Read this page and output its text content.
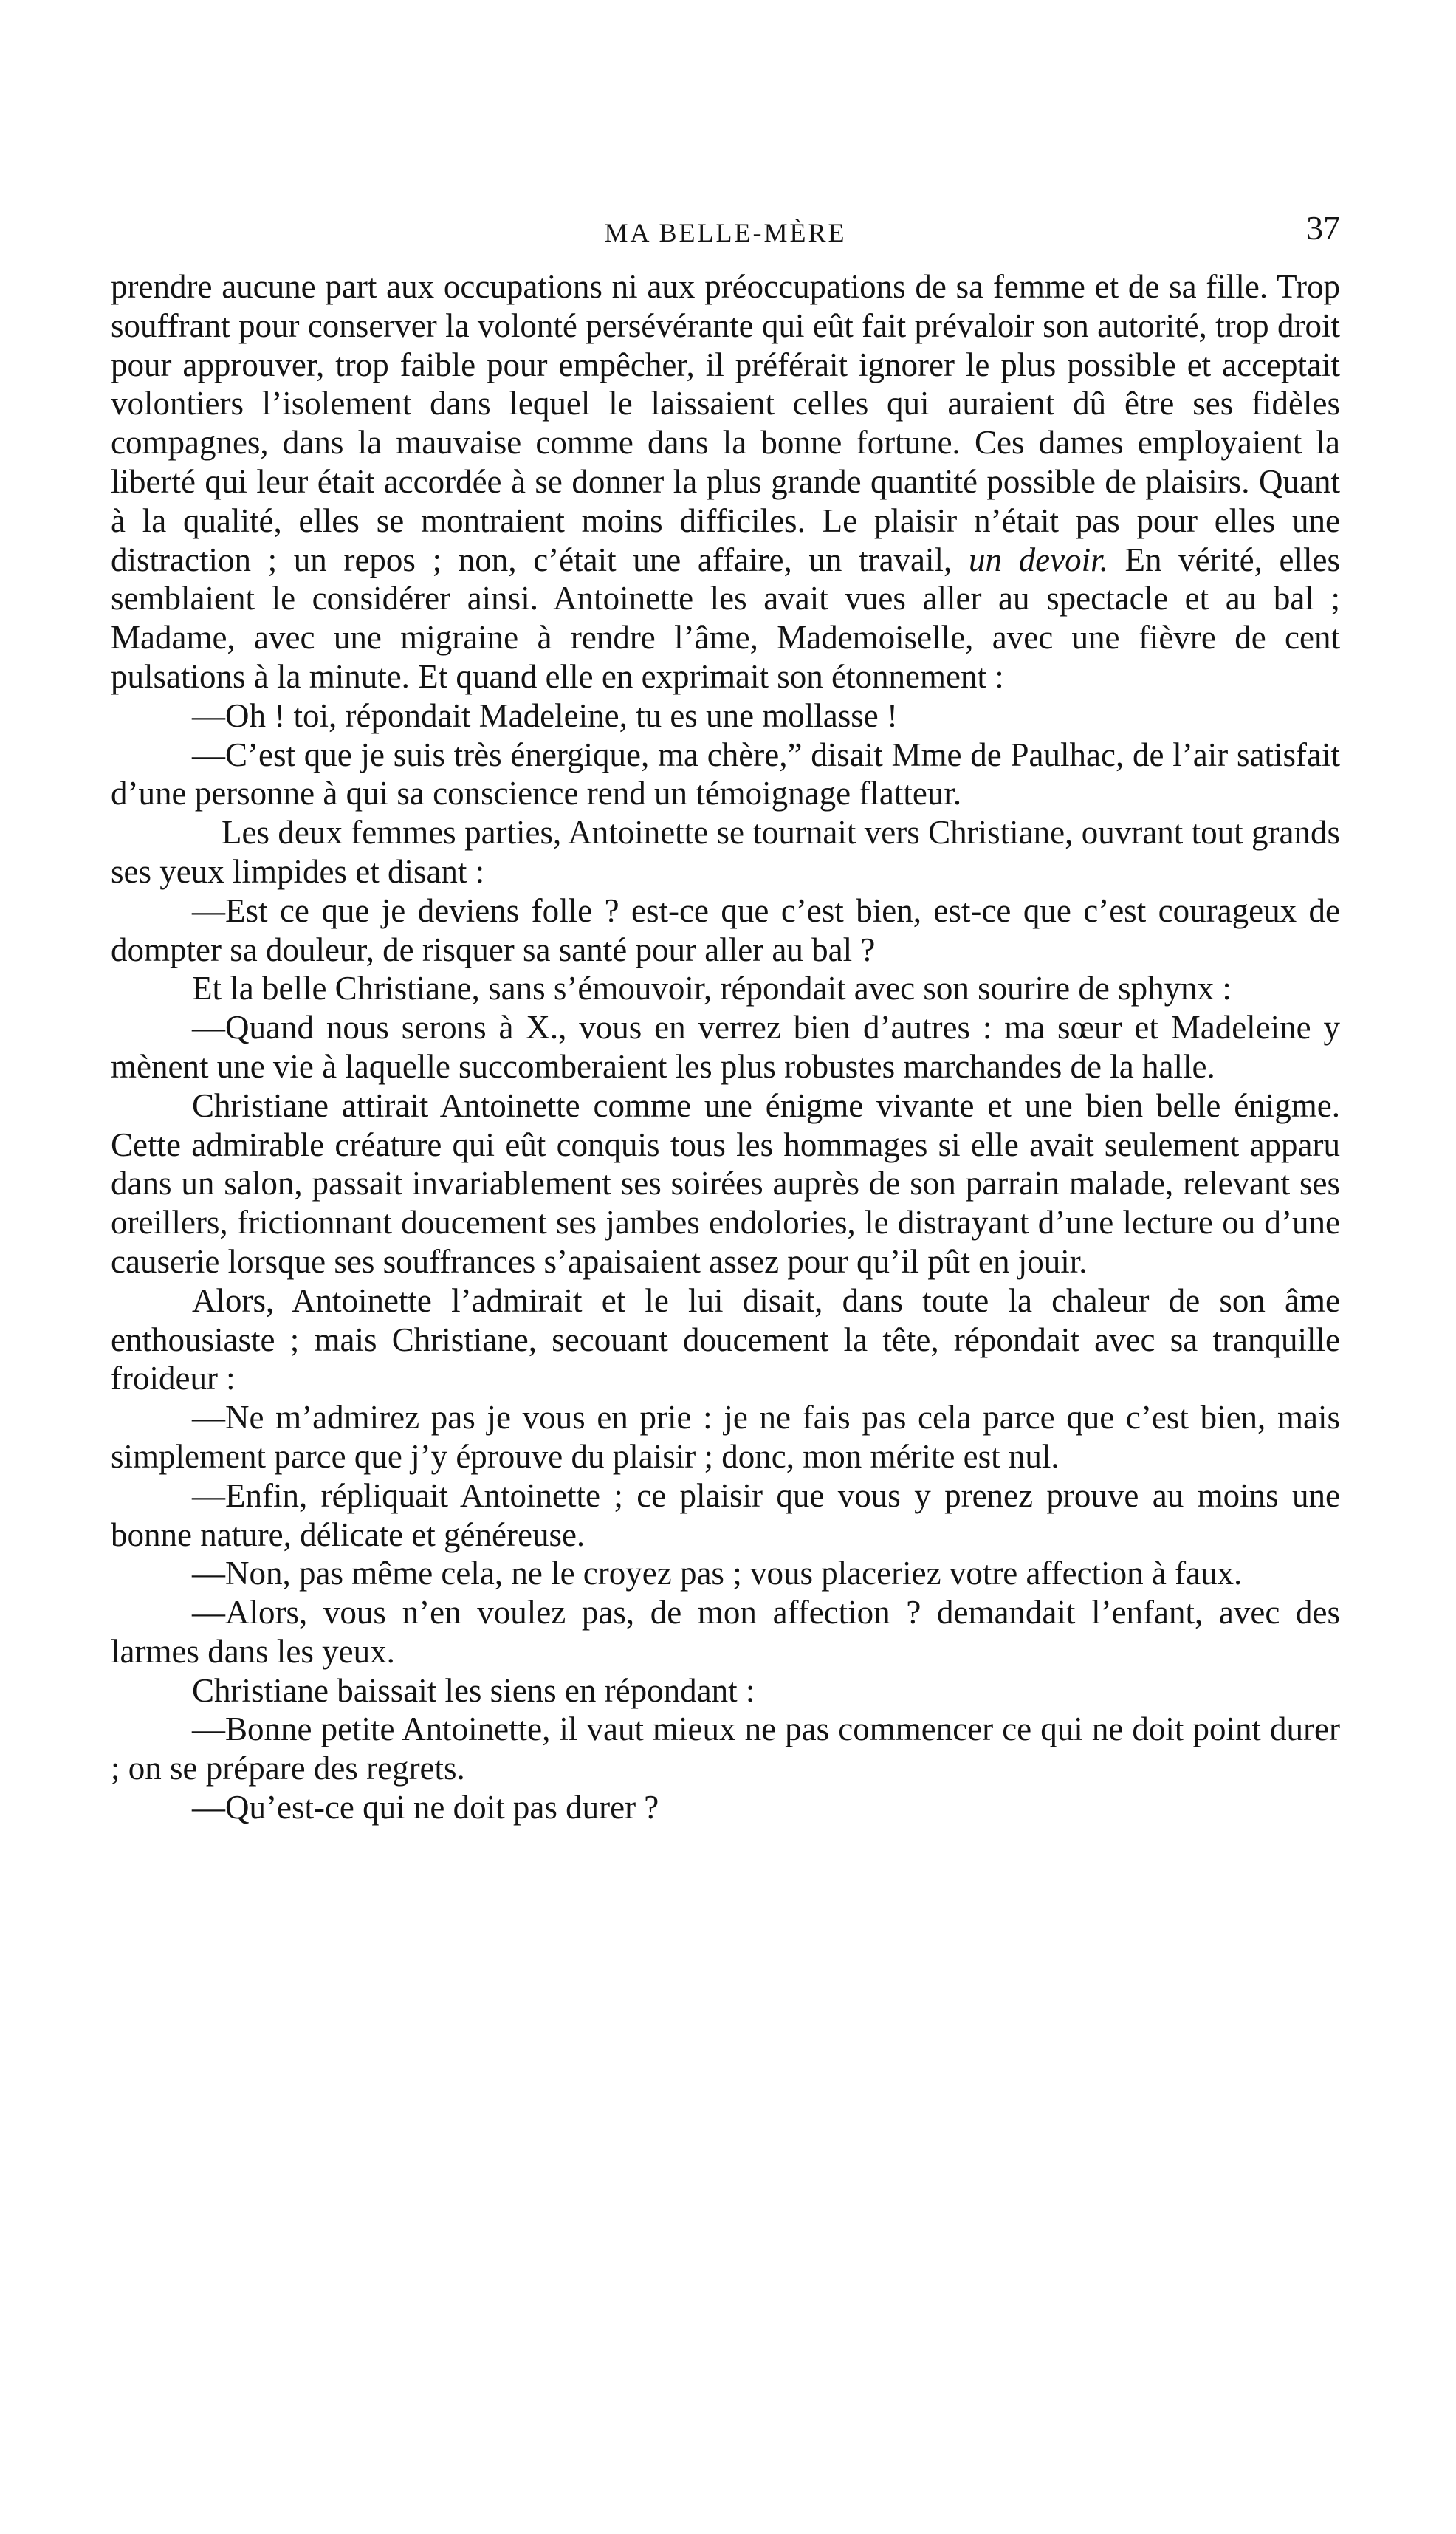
MA BELLE-MÈRE	37

prendre aucune part aux occupations ni aux préoccupations de sa femme et de sa fille. Trop souffrant pour conserver la volonté persévérante qui eût fait prévaloir son autorité, trop droit pour approuver, trop faible pour empêcher, il préférait ignorer le plus possible et acceptait volontiers l’isolement dans lequel le laissaient celles qui auraient dû être ses fidèles compagnes, dans la mauvaise comme dans la bonne fortune. Ces dames employaient la liberté qui leur était accordée à se donner la plus grande quantité possible de plaisirs. Quant à la qualité, elles se montraient moins difficiles. Le plaisir n’était pas pour elles une distraction ; un repos ; non, c’était une affaire, un travail, un devoir. En vérité, elles semblaient le considérer ainsi. Antoinette les avait vues aller au spectacle et au bal ; Madame, avec une migraine à rendre l’âme, Mademoiselle, avec une fièvre de cent pulsations à la minute. Et quand elle en exprimait son étonnement :

—Oh ! toi, répondait Madeleine, tu es une mollasse !

—C’est que je suis très énergique, ma chère,” disait Mme de Paulhac, de l’air satisfait d’une personne à qui sa conscience rend un témoignage flatteur.

Les deux femmes parties, Antoinette se tournait vers Christiane, ouvrant tout grands ses yeux limpides et disant :

—Est ce que je deviens folle ? est-ce que c’est bien, est-ce que c’est courageux de dompter sa douleur, de risquer sa santé pour aller au bal ?

Et la belle Christiane, sans s’émouvoir, répondait avec son sourire de sphynx :

—Quand nous serons à X., vous en verrez bien d’autres : ma sœur et Madeleine y mènent une vie à laquelle succomberaient les plus robustes marchandes de la halle.

Christiane attirait Antoinette comme une énigme vivante et une bien belle énigme. Cette admirable créature qui eût conquis tous les hommages si elle avait seulement apparu dans un salon, passait invariablement ses soirées auprès de son parrain malade, relevant ses oreillers, frictionnant doucement ses jambes endolories, le distrayant d’une lecture ou d’une causerie lorsque ses souffrances s’apaisaient assez pour qu’il pût en jouir.

Alors, Antoinette l’admirait et le lui disait, dans toute la chaleur de son âme enthousiaste ; mais Christiane, secouant doucement la tête, répondait avec sa tranquille froideur :

—Ne m’admirez pas je vous en prie : je ne fais pas cela parce que c’est bien, mais simplement parce que j’y éprouve du plaisir ; donc, mon mérite est nul.

—Enfin, répliquait Antoinette ; ce plaisir que vous y prenez prouve au moins une bonne nature, délicate et généreuse.

—Non, pas même cela, ne le croyez pas ; vous placeriez votre affection à faux.

—Alors, vous n’en voulez pas, de mon affection ? demandait l’enfant, avec des larmes dans les yeux.

Christiane baissait les siens en répondant :

—Bonne petite Antoinette, il vaut mieux ne pas commencer ce qui ne doit point durer ; on se prépare des regrets.

—Qu’est-ce qui ne doit pas durer ?
